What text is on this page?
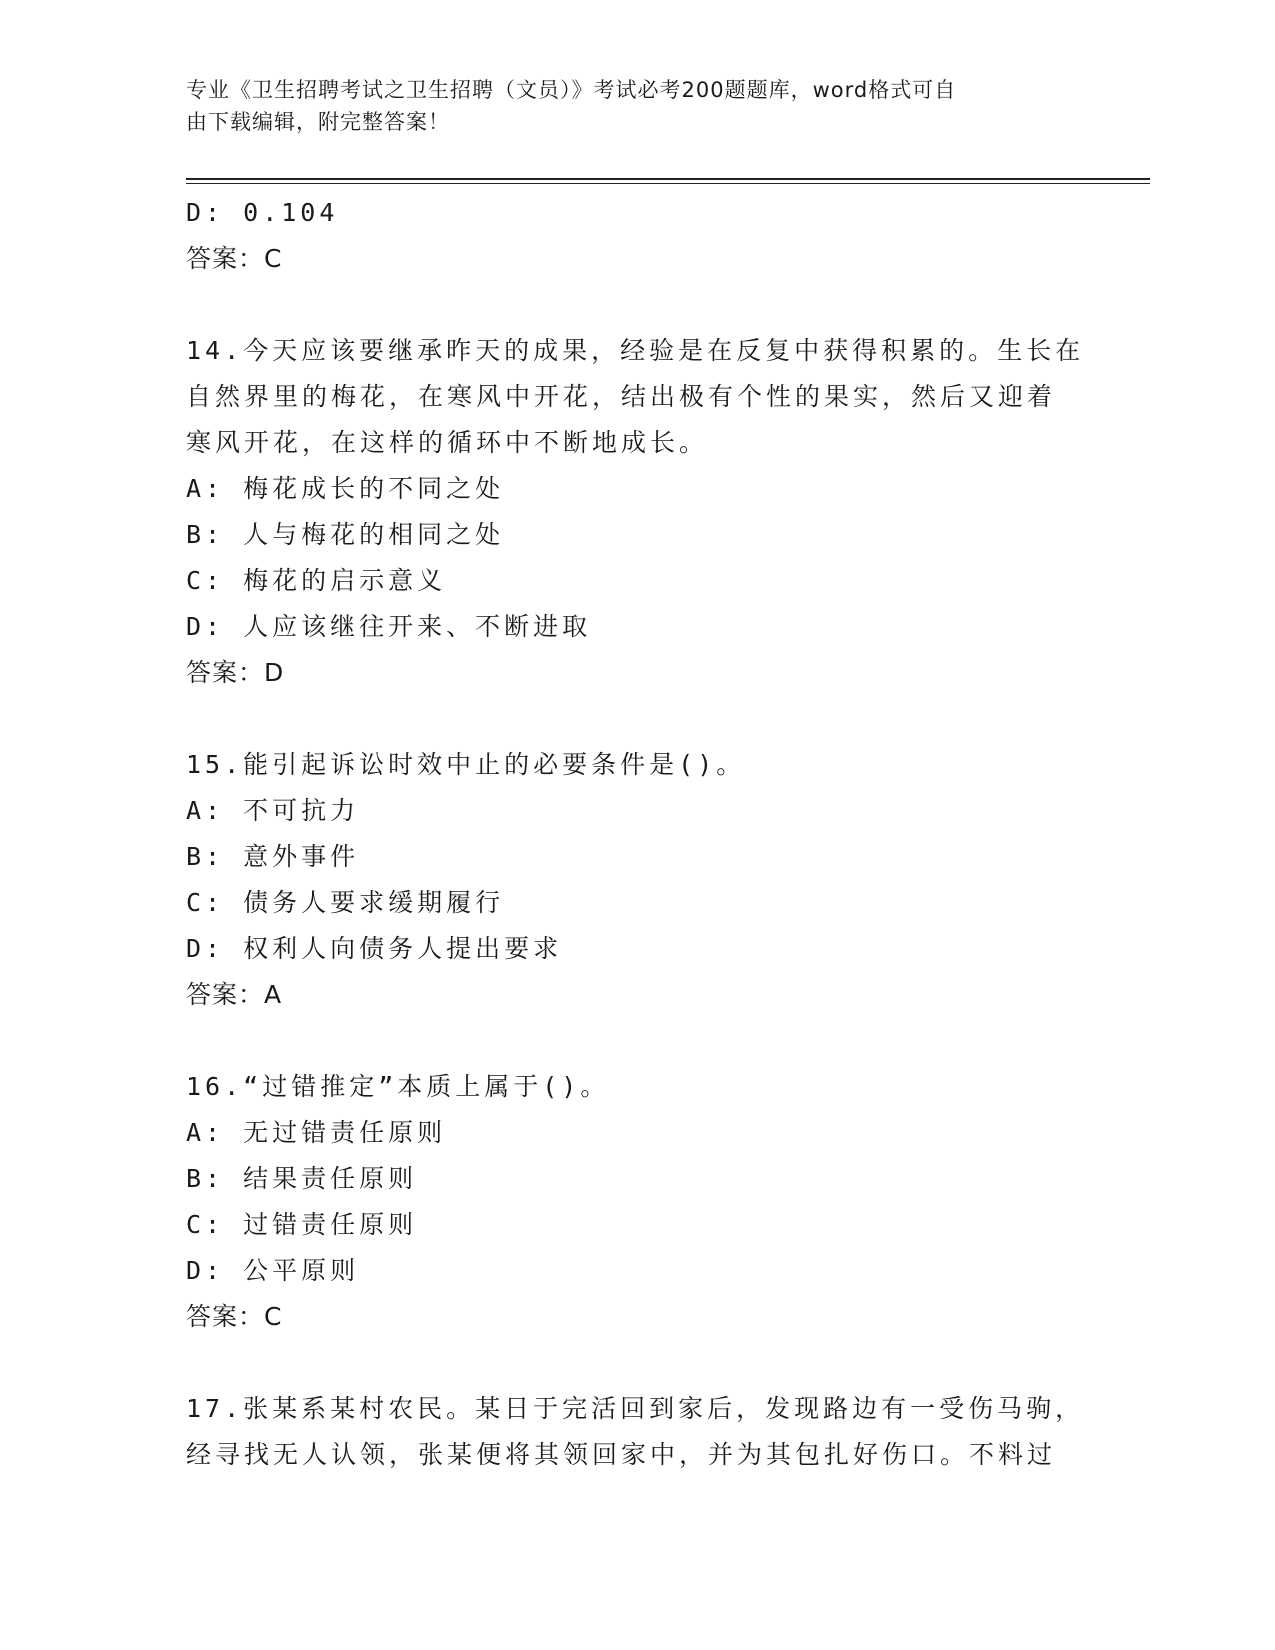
专业《卫生招聘考试之卫生招聘（文员）》考试必考200题题库，word格式可自
由下载编辑，附完整答案！
D: 0.104
答案：C
14.今天应该要继承昨天的成果，经验是在反复中获得积累的。生长在
自然界里的梅花，在寒风中开花，结出极有个性的果实，然后又迎着
寒风开花，在这样的循环中不断地成长。
A: 梅花成长的不同之处
B: 人与梅花的相同之处
C: 梅花的启示意义
D: 人应该继往开来、不断进取
答案：D
15.能引起诉讼时效中止的必要条件是()。
A: 不可抗力
B: 意外事件
C: 债务人要求缓期履行
D: 权利人向债务人提出要求
答案：A
16.“过错推定”本质上属于()。
A: 无过错责任原则
B: 结果责任原则
C: 过错责任原则
D: 公平原则
答案：C
17.张某系某村农民。某日于完活回到家后，发现路边有一受伤马驹，
经寻找无人认领，张某便将其领回家中，并为其包扎好伤口。不料过
